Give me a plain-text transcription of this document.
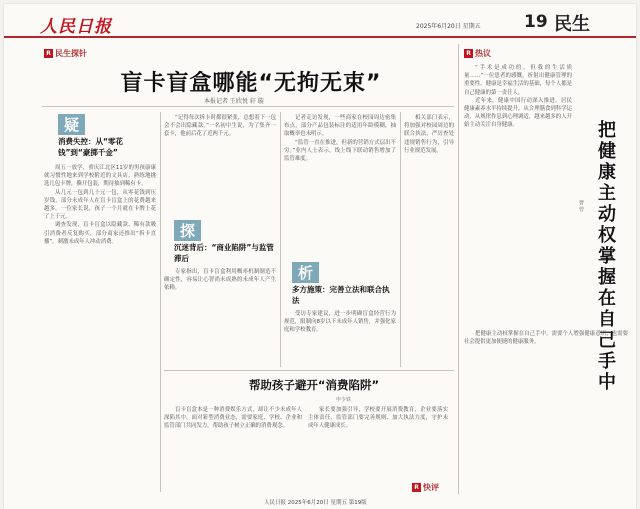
人民日报	2025年6月20日 星期五	19 民生
R 民生探针
盲卡盲盒哪能“无拘无束”
本报记者 王欣悦 轩 璇
疑
消费失控：从“零花钱”到“豪掷千金”

周五一放学，重庆江北区11岁的男孩康康就习惯性地来到学校附近的文具店，熟练地挑选几包卡牌，撕开包装，期待抽到稀有卡。

从几元一包到几十元一包，从零花钱到压岁钱，部分未成年人在盲卡盲盒上的花费越来越多。一位家长说，孩子一个月就在卡牌上花了上千元。

调查发现，盲卡盲盒以隐藏款、稀有款吸引消费者反复购买，部分商家还推出“拆卡直播”，刺激未成年人冲动消费。

“记得每次拆卡时都很紧张，总想着下一包会不会出隐藏款。”一名初中生说，为了集齐一套卡，他前后花了近两千元。

探
沉迷背后：“商业陷阱”与监管滞后

专家指出，盲卡盲盒利用概率机制制造不确定性，容易让心智尚未成熟的未成年人产生依赖。

记者走访发现，一些商家在校园周边密集布点，部分产品包装标注的适用年龄模糊，抽取概率也未明示。

“监管一直在推进，但新的营销方式层出不穷。”业内人士表示，线上线下联动销售增加了监管难度。

析
多方施策：完善立法和联合执法

受访专家建议，进一步明确盲盒经营行为规范，限制向8岁以下未成年人销售，并强化家庭和学校教育。

相关部门表示，将加强对校园周边的联合执法，严厉查处违规销售行为，引导行业规范发展。

帮助孩子避开“消费陷阱”
申少铁

盲卡盲盒本是一种消费娱乐方式，却让不少未成年人深陷其中。面对新型消费业态，需要家庭、学校、企业和监管部门共同发力，帮助孩子树立正确的消费观念。

家长要加强引导，学校要开展消费教育，企业要落实主体责任，监管部门要完善规则、加大执法力度，守护未成年人健康成长。

R 快评
R 热议

“手术是成功的，但我的生活质量……”一位患者的感慨，折射出健康管理的重要性。健康是幸福生活的基础，每个人都是自己健康的第一责任人。

近年来，健康中国行动深入推进，居民健康素养水平持续提升。从合理膳食到科学运动，从规律作息到心理调适，越来越多的人开始主动关注自身健康。	把健康主动权掌握在自己手中
曹 曾

把健康主动权掌握在自己手中，需要个人增强健康意识，也需要社会提供更加便捷的健康服务。

人民日报 2025年6月20日 星期五 第19版
